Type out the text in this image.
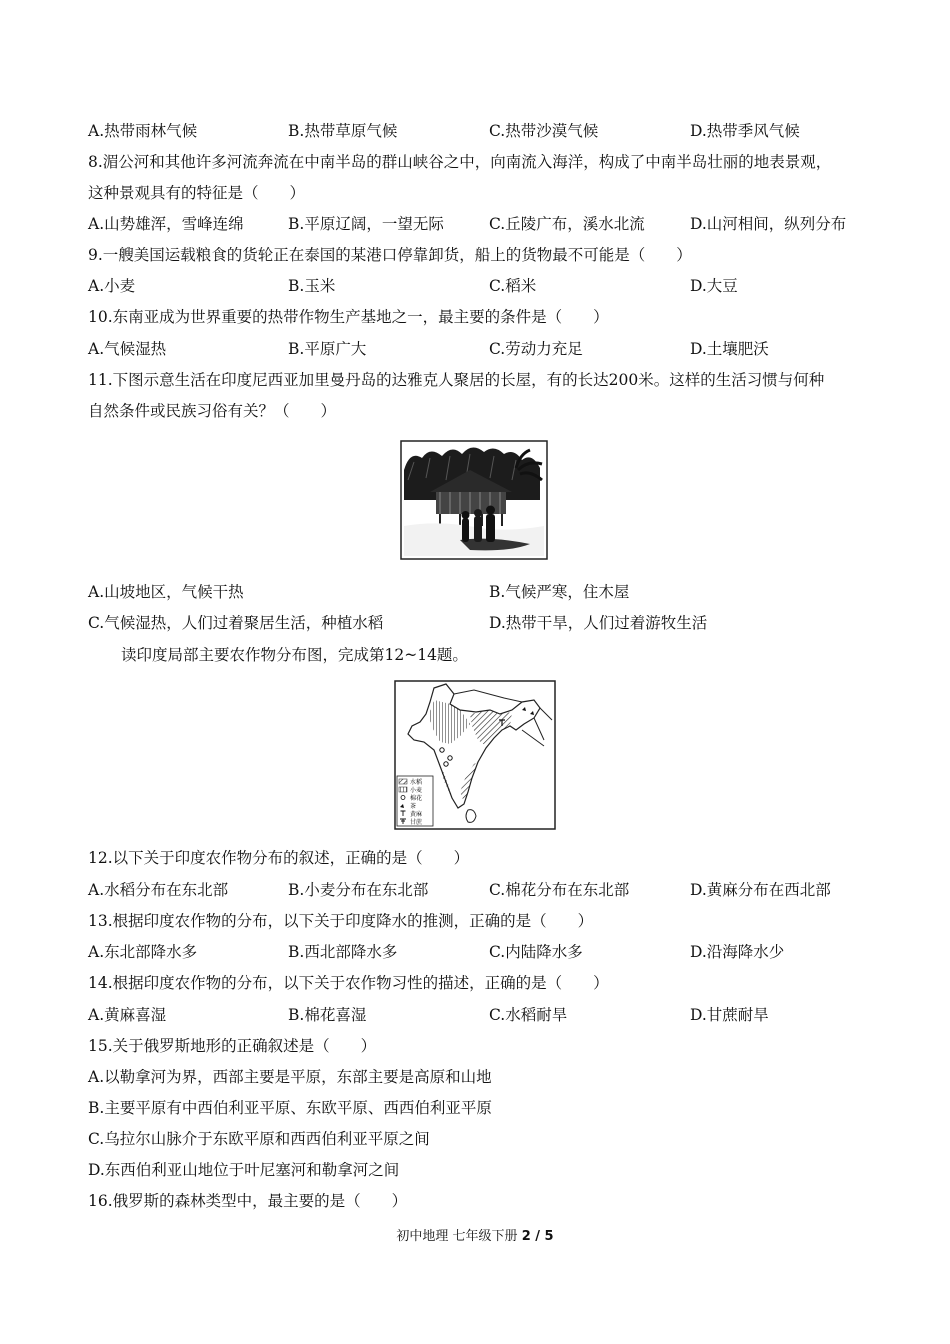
A.热带雨林气候	B.热带草原气候	C.热带沙漠气候	D.热带季风气候
8.湄公河和其他许多河流奔流在中南半岛的群山峡谷之中，向南流入海洋，构成了中南半岛壮丽的地表景观，
这种景观具有的特征是（　　）
A.山势雄浑，雪峰连绵	B.平原辽阔，一望无际	C.丘陵广布，溪水北流	D.山河相间，纵列分布
9.一艘美国运载粮食的货轮正在泰国的某港口停靠卸货，船上的货物最不可能是（　　）
A.小麦	B.玉米	C.稻米	D.大豆
10.东南亚成为世界重要的热带作物生产基地之一，最主要的条件是（　　）
A.气候湿热	B.平原广大	C.劳动力充足	D.土壤肥沃
11.下图示意生活在印度尼西亚加里曼丹岛的达雅克人聚居的长屋，有的长达200米。这样的生活习惯与何种
自然条件或民族习俗有关？（　　）
A.山坡地区，气候干热	B.气候严寒，住木屋
C.气候湿热，人们过着聚居生活，种植水稻	D.热带干旱，人们过着游牧生活
读印度局部主要农作物分布图，完成第12~14题。
水稻
小麦
棉花
茶
黄麻
甘蔗
12.以下关于印度农作物分布的叙述，正确的是（　　）
A.水稻分布在东北部	B.小麦分布在东北部	C.棉花分布在东北部	D.黄麻分布在西北部
13.根据印度农作物的分布，以下关于印度降水的推测，正确的是（　　）
A.东北部降水多	B.西北部降水多	C.内陆降水多	D.沿海降水少
14.根据印度农作物的分布，以下关于农作物习性的描述，正确的是（　　）
A.黄麻喜湿	B.棉花喜湿	C.水稻耐旱	D.甘蔗耐旱
15.关于俄罗斯地形的正确叙述是（　　）
A.以勒拿河为界，西部主要是平原，东部主要是高原和山地
B.主要平原有中西伯利亚平原、东欧平原、西西伯利亚平原
C.乌拉尔山脉介于东欧平原和西西伯利亚平原之间
D.东西伯利亚山地位于叶尼塞河和勒拿河之间
16.俄罗斯的森林类型中，最主要的是（　　）
初中地理 七年级下册 2 / 5
